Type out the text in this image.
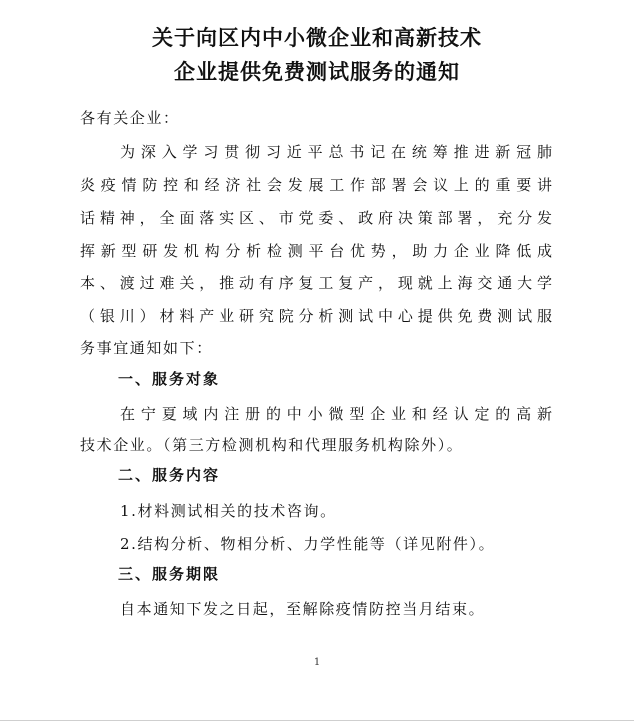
关于向区内中小微企业和高新技术
企业提供免费测试服务的通知
各有关企业：
为深入学习贯彻习近平总书记在统筹推进新冠肺
炎疫情防控和经济社会发展工作部署会议上的重要讲
话精神，全面落实区、市党委、政府决策部署，充分发
挥新型研发机构分析检测平台优势，助力企业降低成
本、渡过难关，推动有序复工复产，现就上海交通大学
（银川）材料产业研究院分析测试中心提供免费测试服
务事宜通知如下：
一、服务对象
在宁夏域内注册的中小微型企业和经认定的高新
技术企业。（第三方检测机构和代理服务机构除外）。
二、服务内容
1.材料测试相关的技术咨询。
2.结构分析、物相分析、力学性能等（详见附件）。
三、服务期限
自本通知下发之日起，至解除疫情防控当月结束。
1
